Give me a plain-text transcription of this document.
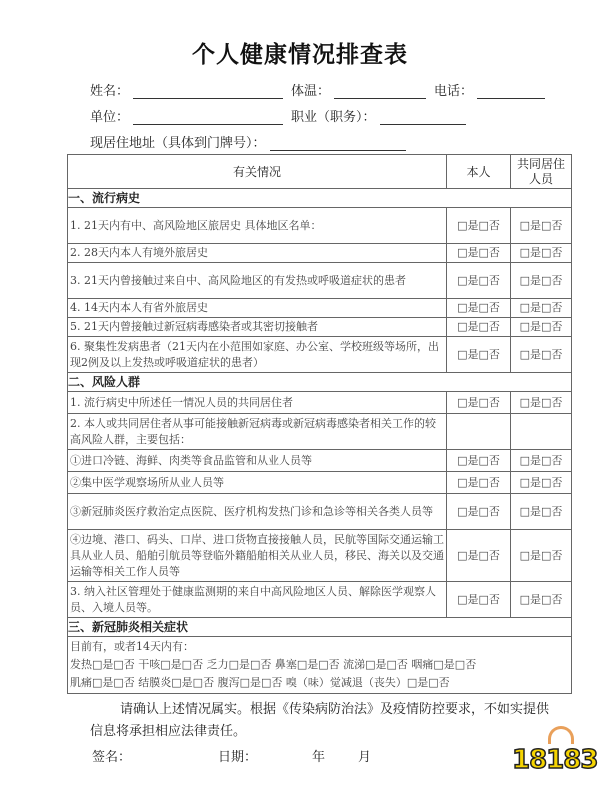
个人健康情况排查表
姓名：	体温：	电话：
单位：	职业（职务）：
现居住地址（具体到门牌号）：
有关情况	本人	共同居住人员
一、流行病史		
1. 21天内有中、高风险地区旅居史 具体地区名单：	□是□否	□是□否
2. 28天内本人有境外旅居史	□是□否	□是□否
3. 21天内曾接触过来自中、高风险地区的有发热或呼吸道症状的患者	□是□否	□是□否
4. 14天内本人有省外旅居史	□是□否	□是□否
5. 21天内曾接触过新冠病毒感染者或其密切接触者	□是□否	□是□否
6. 聚集性发病患者（21天内在小范围如家庭、办公室、学校班级等场所，出现2例及以上发热或呼吸道症状的患者）	□是□否	□是□否
二、风险人群		
1. 流行病史中所述任一情况人员的共同居住者	□是□否	□是□否
2. 本人或共同居住者从事可能接触新冠病毒或新冠病毒感染者相关工作的较高风险人群，主要包括：		
①进口冷链、海鲜、肉类等食品监管和从业人员等	□是□否	□是□否
②集中医学观察场所从业人员等	□是□否	□是□否
③新冠肺炎医疗救治定点医院、医疗机构发热门诊和急诊等相关各类人员等	□是□否	□是□否
④边境、港口、码头、口岸、进口货物直接接触人员，民航等国际交通运输工具从业人员、船舶引航员等登临外籍船舶相关从业人员，移民、海关以及交通运输等相关工作人员等	□是□否	□是□否
3. 纳入社区管理处于健康监测期的来自中高风险地区人员、解除医学观察人员、入境人员等。	□是□否	□是□否
三、新冠肺炎相关症状		

目前有，或者14天内有：
发热□是□否 干咳□是□否 乏力□是□否 鼻塞□是□否 流涕□是□否 咽痛□是□否
肌痛□是□否 结膜炎□是□否 腹泻□是□否 嗅（味）觉减退（丧失）□是□否		
请确认上述情况属实。根据《传染病防治法》及疫情防控要求，不如实提供信息将承担相应法律责任。
签名：	日期：	年	月	18183
